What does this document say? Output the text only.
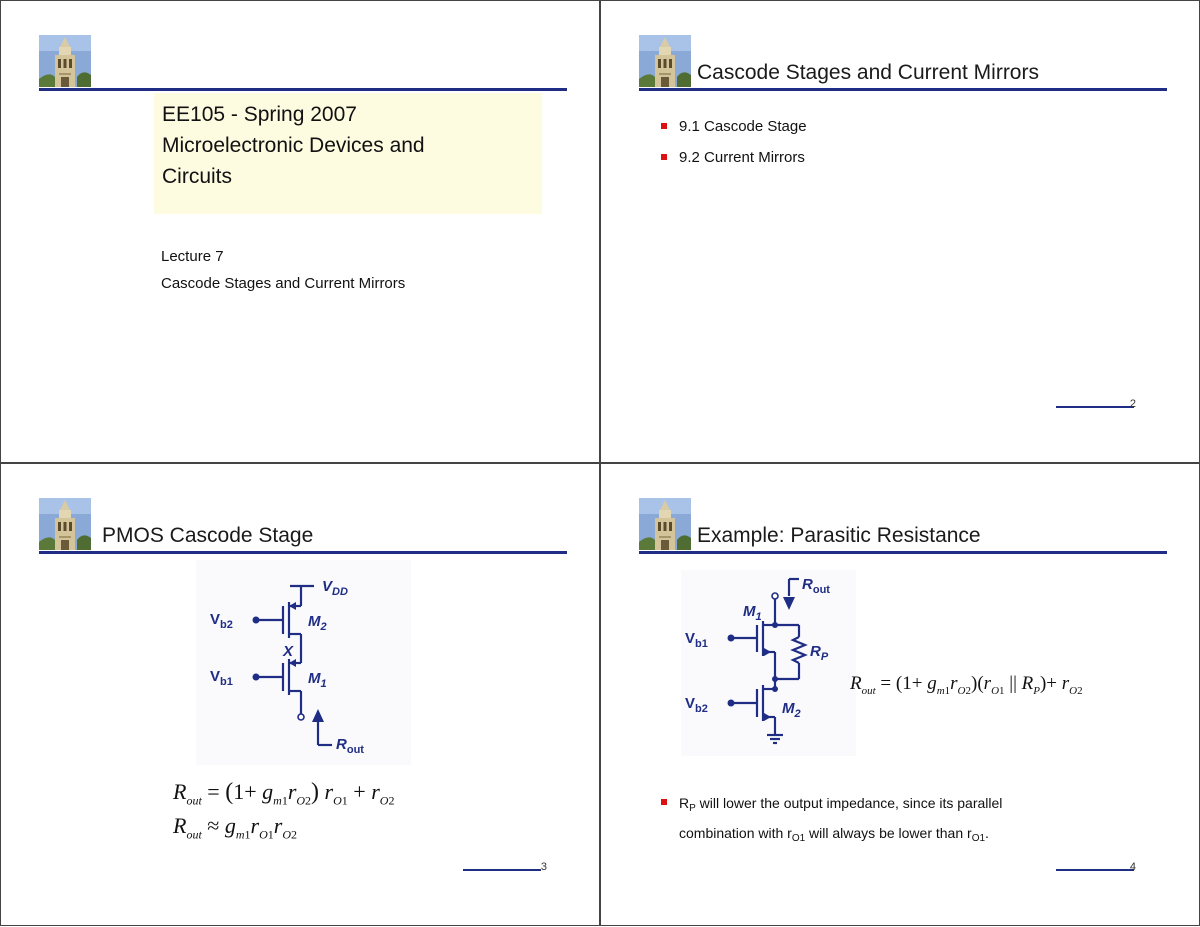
EE105 - Spring 2007
Microelectronic Devices and
Circuits
Lecture 7
Cascode Stages and Current Mirrors
Cascode Stages and Current Mirrors
9.1 Cascode Stage
9.2 Current Mirrors
2
PMOS Cascode Stage
$V_{DD}$
$M_2$
X
$M_1$
$R_{out}$
$V_{b2}$
$V_{b1}$
$R_{out} = (1+ g_{m1}r_{O2}) r_{O1} + r_{O2}$
$R_{out} \approx g_{m1}r_{O1}r_{O2}$
3
Example: Parasitic Resistance
$R_{out}$
$M_1$
$R_P$
$M_2$
$V_{b1}$
$V_{b2}$
$R_{out} = (1+ g_{m1}r_{O2})(r_{O1}$ || $R_P)+ r_{O2}$
$R_P$ will lower the output impedance, since its parallel
combination with $r_{O1}$ will always be lower than $r_{O1}$.
4
